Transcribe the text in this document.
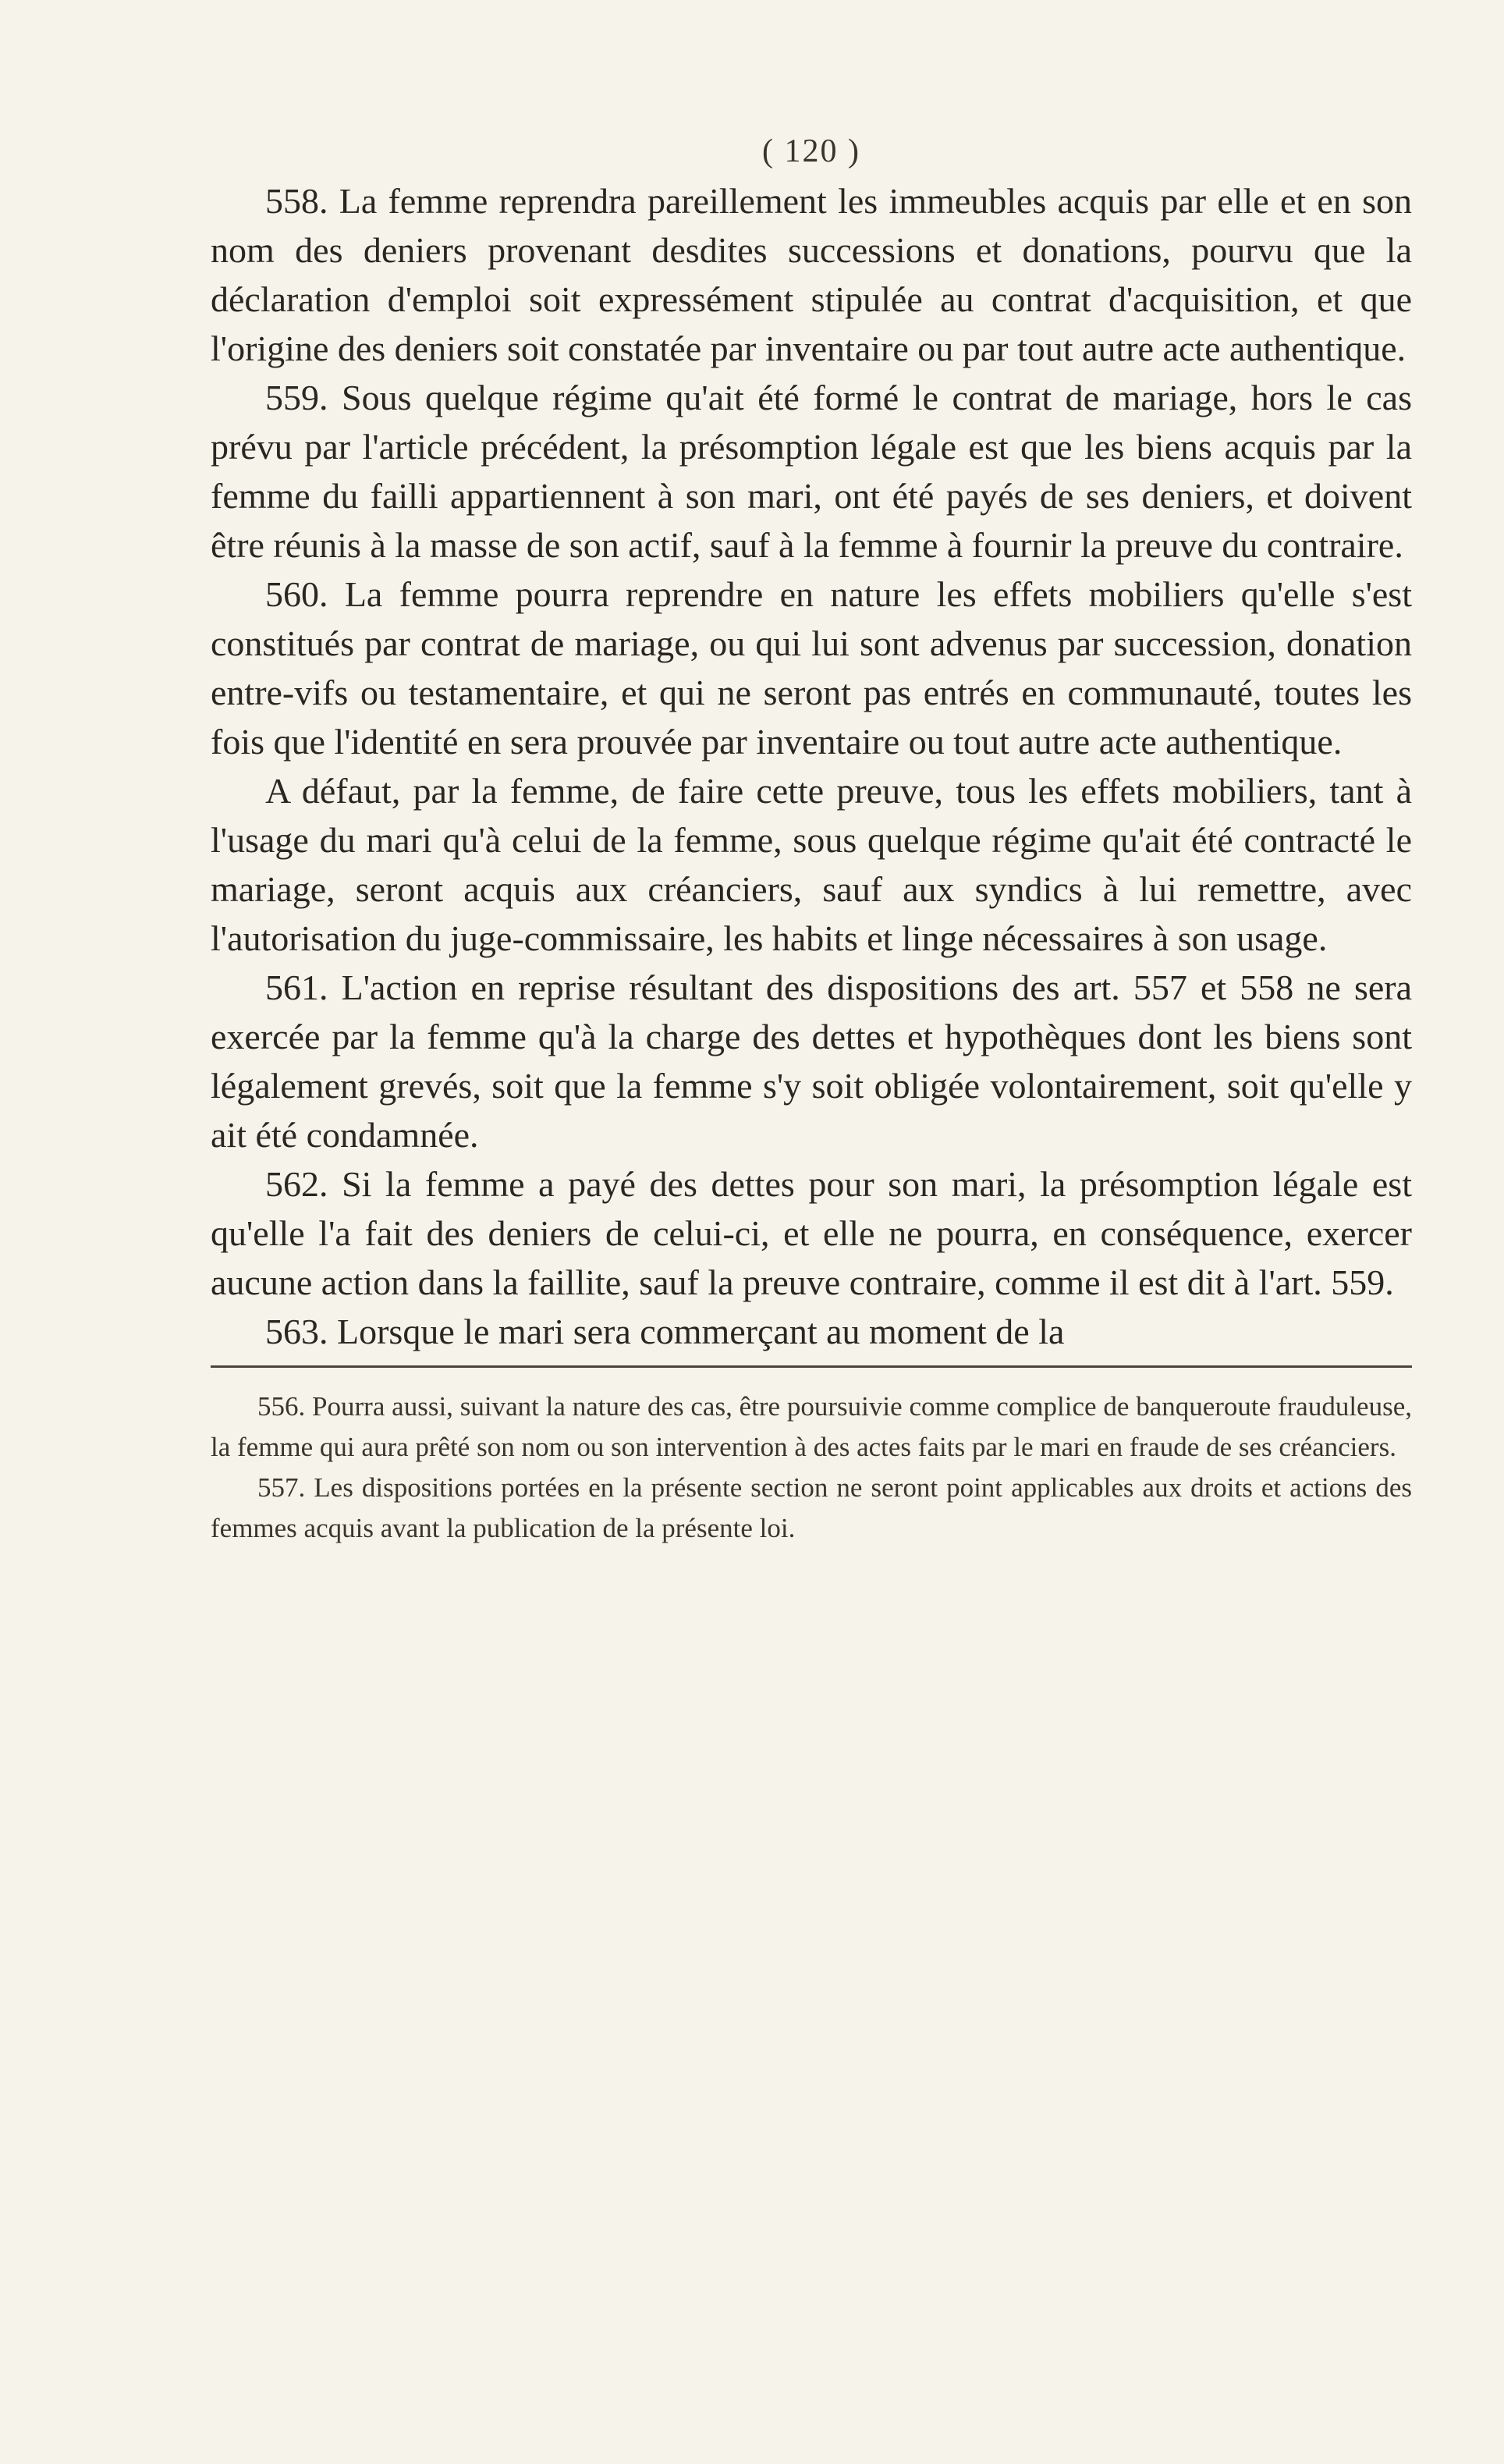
( 120 )

558. La femme reprendra pareillement les immeubles acquis par elle et en son nom des deniers provenant desdites successions et donations, pourvu que la déclaration d'emploi soit expressément stipulée au contrat d'acquisition, et que l'origine des deniers soit constatée par inventaire ou par tout autre acte authentique.

559. Sous quelque régime qu'ait été formé le contrat de mariage, hors le cas prévu par l'article précédent, la présomption légale est que les biens acquis par la femme du failli appartiennent à son mari, ont été payés de ses deniers, et doivent être réunis à la masse de son actif, sauf à la femme à fournir la preuve du contraire.

560. La femme pourra reprendre en nature les effets mobiliers qu'elle s'est constitués par contrat de mariage, ou qui lui sont advenus par succession, donation entre-vifs ou testamentaire, et qui ne seront pas entrés en communauté, toutes les fois que l'identité en sera prouvée par inventaire ou tout autre acte authentique.

A défaut, par la femme, de faire cette preuve, tous les effets mobiliers, tant à l'usage du mari qu'à celui de la femme, sous quelque régime qu'ait été contracté le mariage, seront acquis aux créanciers, sauf aux syndics à lui remettre, avec l'autorisation du juge-commissaire, les habits et linge nécessaires à son usage.

561. L'action en reprise résultant des dispositions des art. 557 et 558 ne sera exercée par la femme qu'à la charge des dettes et hypothèques dont les biens sont légalement grevés, soit que la femme s'y soit obligée volontairement, soit qu'elle y ait été condamnée.

562. Si la femme a payé des dettes pour son mari, la présomption légale est qu'elle l'a fait des deniers de celui-ci, et elle ne pourra, en conséquence, exercer aucune action dans la faillite, sauf la preuve contraire, comme il est dit à l'art. 559.

563. Lorsque le mari sera commerçant au moment de la

556. Pourra aussi, suivant la nature des cas, être poursuivie comme complice de banqueroute frauduleuse, la femme qui aura prêté son nom ou son intervention à des actes faits par le mari en fraude de ses créanciers.

557. Les dispositions portées en la présente section ne seront point applicables aux droits et actions des femmes acquis avant la publication de la présente loi.
